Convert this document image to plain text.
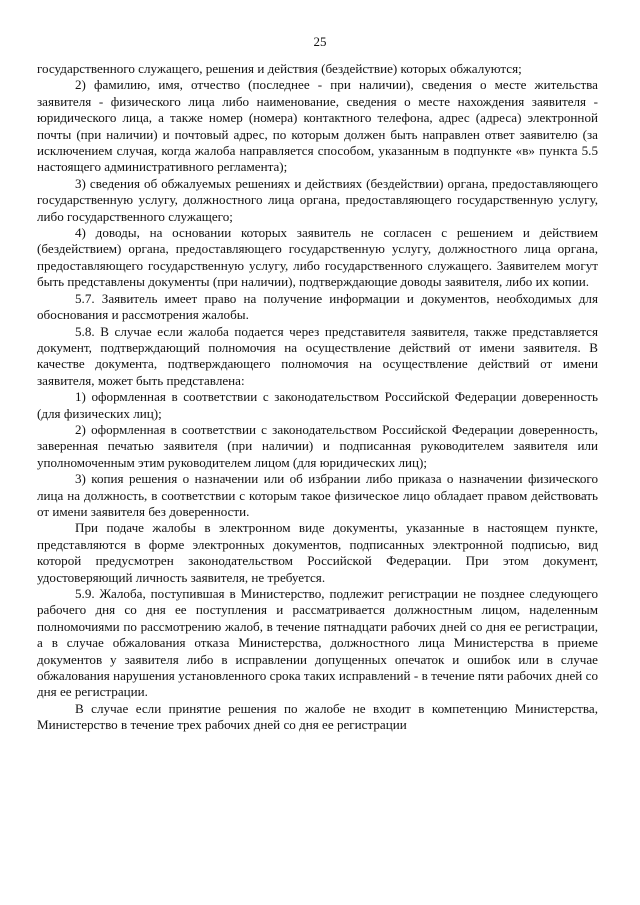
25

государственного служащего, решения и действия (бездействие) которых обжалуются;

2) фамилию, имя, отчество (последнее - при наличии), сведения о месте жительства заявителя - физического лица либо наименование, сведения о месте нахождения заявителя - юридического лица, а также номер (номера) контактного телефона, адрес (адреса) электронной почты (при наличии) и почтовый адрес, по которым должен быть направлен ответ заявителю (за исключением случая, когда жалоба направляется способом, указанным в подпункте «в» пункта 5.5 настоящего административного регламента);

3) сведения об обжалуемых решениях и действиях (бездействии) органа, предоставляющего государственную услугу, должностного лица органа, предоставляющего государственную услугу, либо государственного служащего;

4) доводы, на основании которых заявитель не согласен с решением и действием (бездействием) органа, предоставляющего государственную услугу, должностного лица органа, предоставляющего государственную услугу, либо государственного служащего. Заявителем могут быть представлены документы (при наличии), подтверждающие доводы заявителя, либо их копии.

5.7. Заявитель имеет право на получение информации и документов, необходимых для обоснования и рассмотрения жалобы.

5.8. В случае если жалоба подается через представителя заявителя, также представляется документ, подтверждающий полномочия на осуществление действий от имени заявителя. В качестве документа, подтверждающего полномочия на осуществление действий от имени заявителя, может быть представлена:

1) оформленная в соответствии с законодательством Российской Федерации доверенность (для физических лиц);

2) оформленная в соответствии с законодательством Российской Федерации доверенность, заверенная печатью заявителя (при наличии) и подписанная руководителем заявителя или уполномоченным этим руководителем лицом (для юридических лиц);

3) копия решения о назначении или об избрании либо приказа о назначении физического лица на должность, в соответствии с которым такое физическое лицо обладает правом действовать от имени заявителя без доверенности.

При подаче жалобы в электронном виде документы, указанные в настоящем пункте, представляются в форме электронных документов, подписанных электронной подписью, вид которой предусмотрен законодательством Российской Федерации. При этом документ, удостоверяющий личность заявителя, не требуется.

5.9. Жалоба, поступившая в Министерство, подлежит регистрации не позднее следующего рабочего дня со дня ее поступления и рассматривается должностным лицом, наделенным полномочиями по рассмотрению жалоб, в течение пятнадцати рабочих дней со дня ее регистрации, а в случае обжалования отказа Министерства, должностного лица Министерства в приеме документов у заявителя либо в исправлении допущенных опечаток и ошибок или в случае обжалования нарушения установленного срока таких исправлений - в течение пяти рабочих дней со дня ее регистрации.

В случае если принятие решения по жалобе не входит в компетенцию Министерства, Министерство в течение трех рабочих дней со дня ее регистрации
